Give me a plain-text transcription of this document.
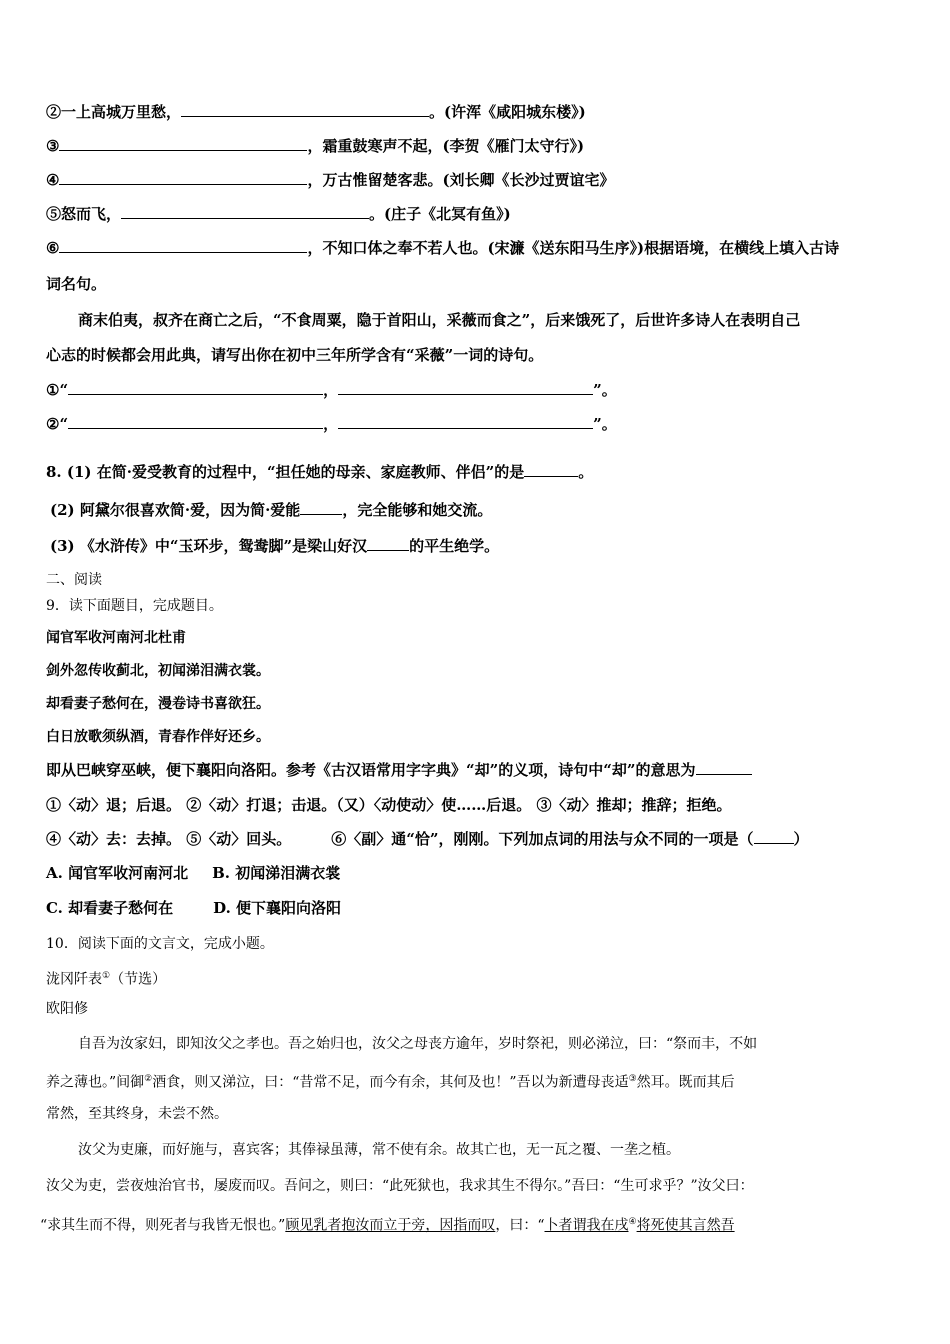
②一上高城万里愁，	。(许浑《咸阳城东楼》)
③	，霜重鼓寒声不起，(李贺《雁门太守行》)
④	，万古惟留楚客悲。(刘长卿《长沙过贾谊宅》
⑤怒而飞，	。(庄子《北冥有鱼》)
⑥	，不知口体之奉不若人也。(宋濂《送东阳马生序》)根据语境，在横线上填入古诗
词名句。
商末伯夷，叔齐在商亡之后，“不食周粟，隐于首阳山，采薇而食之”，后来饿死了，后世许多诗人在表明自己
心志的时候都会用此典，请写出你在初中三年所学含有“采薇”一词的诗句。
①“	，	”。
②“	，	”。
8. (1) 在简·爱受教育的过程中，“担任她的母亲、家庭教师、伴侣”的是	。
(2) 阿黛尔很喜欢简·爱，因为简·爱能	，完全能够和她交流。
(3) 《水浒传》中“玉环步，鸳鸯脚”是梁山好汉	的平生绝学。
二、阅读
9．读下面题目，完成题目。
闻官军收河南河北杜甫
剑外忽传收蓟北，初闻涕泪满衣裳。
却看妻子愁何在，漫卷诗书喜欲狂。
白日放歌须纵酒，青春作伴好还乡。
即从巴峡穿巫峡，便下襄阳向洛阳。参考《古汉语常用字字典》“却”的义项，诗句中“却”的意思为
①〈动〉退；后退。 ②〈动〉打退；击退。（又）〈动使动〉使……后退。 ③〈动〉推却；推辞；拒绝。
④〈动〉去：去掉。 ⑤〈动〉回头。	⑥〈副〉通“恰”，刚刚。下列加点词的用法与众不同的一项是（	）
A. 闻官军收河南河北 B. 初闻涕泪满衣裳
C. 却看妻子愁何在	D. 便下襄阳向洛阳
10．阅读下面的文言文，完成小题。
泷冈阡表①（节选）
欧阳修
自吾为汝家妇，即知汝父之孝也。吾之始归也，汝父之母丧方逾年，岁时祭祀，则必涕泣，曰：“祭而丰，不如
养之薄也。”间御②酒食，则又涕泣，曰：“昔常不足，而今有余，其何及也！”吾以为新遭母丧适③然耳。既而其后
常然，至其终身，未尝不然。
汝父为吏廉，而好施与，喜宾客；其俸禄虽薄，常不使有余。故其亡也，无一瓦之覆、一垄之植。
汝父为吏，尝夜烛治官书，屡废而叹。吾问之，则曰：“此死狱也，我求其生不得尔。”吾曰：“生可求乎？”汝父曰：
“求其生而不得，则死者与我皆无恨也。”顾见乳者抱汝而立于旁，因指而叹，曰：“卜者谓我在戌④将死使其言然吾
